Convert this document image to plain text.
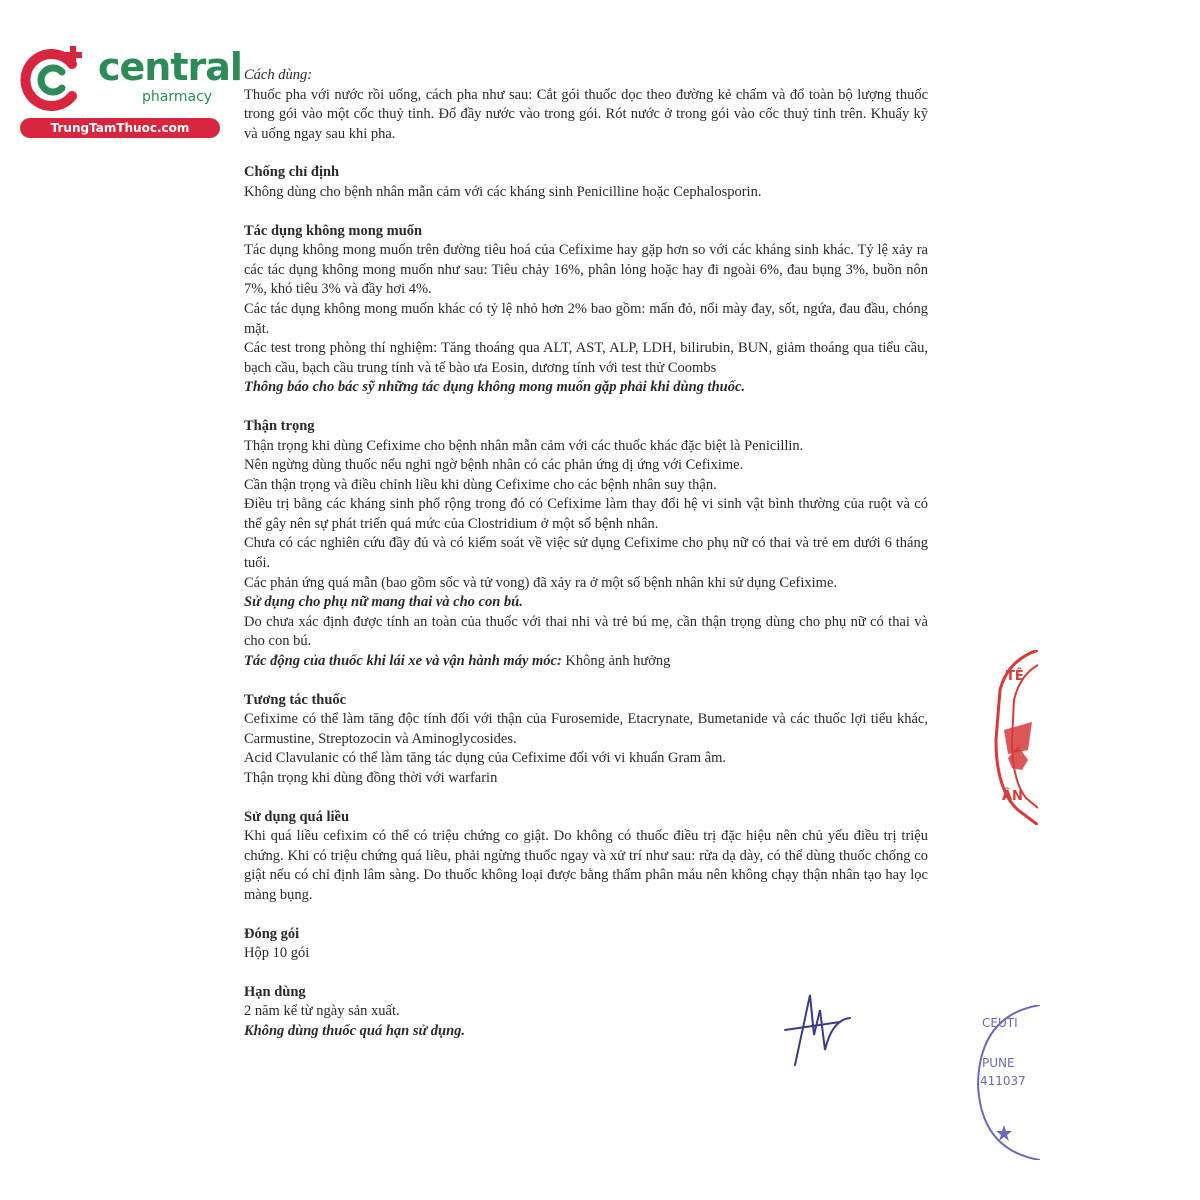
central
pharmacy
TrungTamThuoc.com

Cách dùng:

Thuốc pha với nước rồi uống, cách pha như sau: Cắt gói thuốc dọc theo đường kẻ chấm và đổ toàn bộ lượng thuốc trong gói vào một cốc thuỷ tinh. Đổ đầy nước vào trong gói. Rót nước ở trong gói vào cốc thuỷ tinh trên. Khuấy kỹ và uống ngay sau khi pha.

Chống chỉ định

Không dùng cho bệnh nhân mẫn cảm với các kháng sinh Penicilline hoặc Cephalosporin.

Tác dụng không mong muốn

Tác dụng không mong muốn trên đường tiêu hoá của Cefixime hay gặp hơn so với các kháng sinh khác. Tỷ lệ xảy ra các tác dụng không mong muốn như sau: Tiêu chảy 16%, phân lỏng hoặc hay đi ngoài 6%, đau bụng 3%, buồn nôn 7%, khó tiêu 3% và đầy hơi 4%.

Các tác dụng không mong muốn khác có tỷ lệ nhỏ hơn 2% bao gồm: mẩn đỏ, nổi mày đay, sốt, ngứa, đau đầu, chóng mặt.

Các test trong phòng thí nghiệm: Tăng thoáng qua ALT, AST, ALP, LDH, bilirubin, BUN, giảm thoáng qua tiểu cầu, bạch cầu, bạch cầu trung tính và tế bào ưa Eosin, dương tính với test thử Coombs

Thông báo cho bác sỹ những tác dụng không mong muốn gặp phải khi dùng thuốc.

Thận trọng

Thận trọng khi dùng Cefixime cho bệnh nhân mẫn cảm với các thuốc khác đặc biệt là Penicillin.

Nên ngừng dùng thuốc nếu nghi ngờ bệnh nhân có các phản ứng dị ứng với Cefixime.

Cần thận trọng và điều chỉnh liều khi dùng Cefixime cho các bệnh nhân suy thận.

Điều trị bằng các kháng sinh phổ rộng trong đó có Cefixime làm thay đổi hệ vi sinh vật bình thường của ruột và có thể gây nên sự phát triển quá mức của Clostridium ở một số bệnh nhân.

Chưa có các nghiên cứu đầy đủ và có kiểm soát về việc sử dụng Cefixime cho phụ nữ có thai và trẻ em dưới 6 tháng tuổi.

Các phản ứng quá mẫn (bao gồm sốc và tử vong) đã xảy ra ở một số bệnh nhân khi sử dụng Cefixime.

Sử dụng cho phụ nữ mang thai và cho con bú.

Do chưa xác định được tính an toàn của thuốc với thai nhi và trẻ bú mẹ, cần thận trọng dùng cho phụ nữ có thai và cho con bú.

Tác động của thuốc khi lái xe và vận hành máy móc: Không ảnh hưởng

Tương tác thuốc

Cefixime có thể làm tăng độc tính đối với thận của Furosemide, Etacrynate, Bumetanide và các thuốc lợi tiểu khác, Carmustine, Streptozocin và Aminoglycosides.

Acid Clavulanic có thể làm tăng tác dụng của Cefixime đối với vi khuẩn Gram âm.

Thận trọng khi dùng đồng thời với warfarin

Sử dụng quá liều

Khi quá liều cefixim có thể có triệu chứng co giật. Do không có thuốc điều trị đặc hiệu nên chủ yếu điều trị triệu chứng. Khi có triệu chứng quá liều, phải ngừng thuốc ngay và xử trí như sau: rửa dạ dày, có thể dùng thuốc chống co giật nếu có chỉ định lâm sàng. Do thuốc không loại được bằng thẩm phân máu nên không chạy thận nhân tạo hay lọc màng bụng.

Đóng gói

Hộp 10 gói

Hạn dùng

2 năm kể từ ngày sản xuất.

Không dùng thuốc quá hạn sử dụng.

TÊ
ÂN
CEUTI
PUNE
411037
